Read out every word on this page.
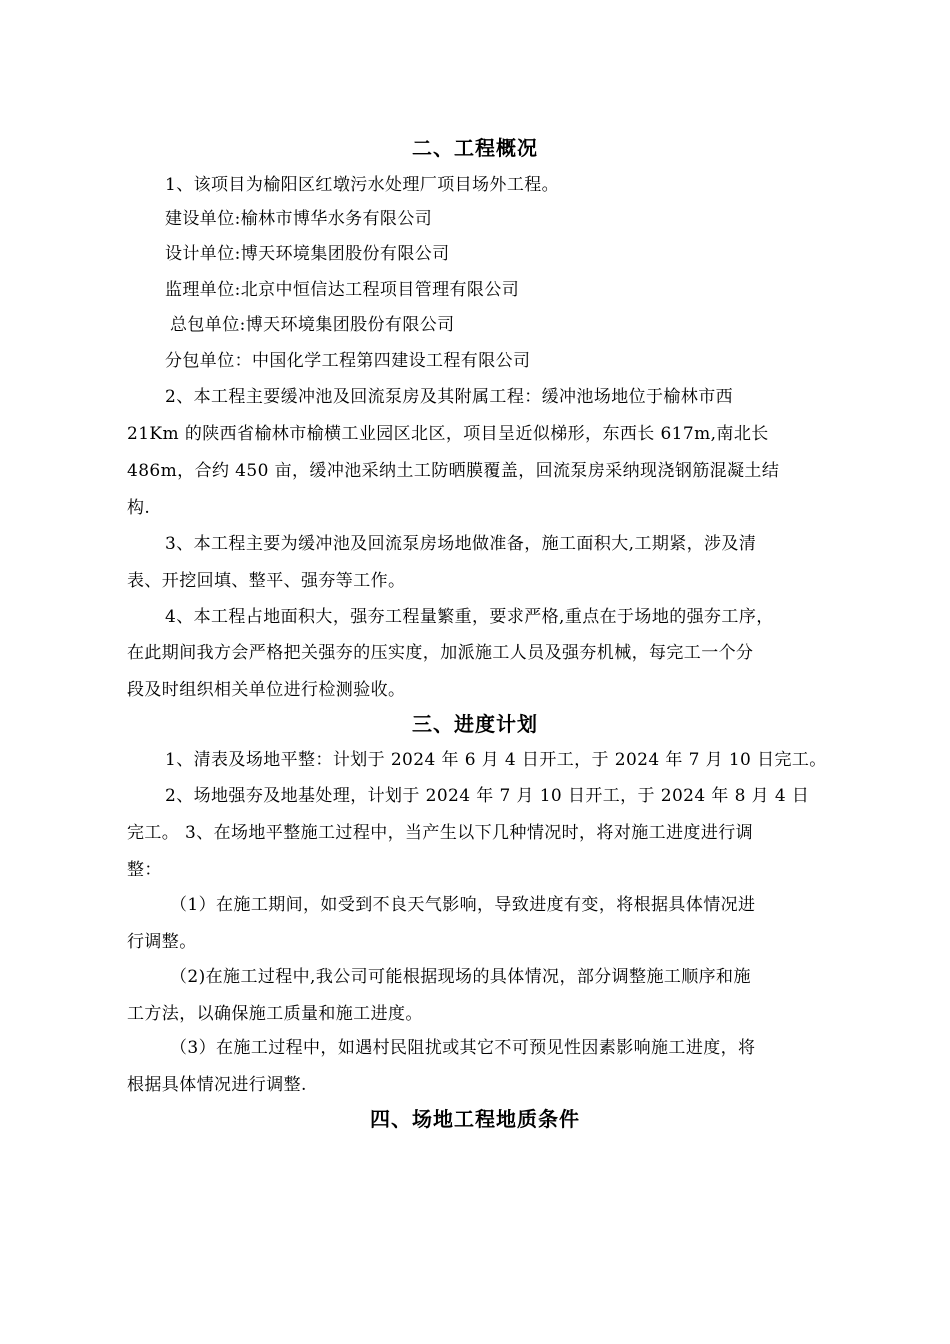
二、工程概况
1、该项目为榆阳区红墩污水处理厂项目场外工程。
建设单位:榆林市博华水务有限公司
设计单位:博天环境集团股份有限公司
监理单位:北京中恒信达工程项目管理有限公司
总包单位:博天环境集团股份有限公司
分包单位：中国化学工程第四建设工程有限公司
2、本工程主要缓冲池及回流泵房及其附属工程：缓冲池场地位于榆林市西
21Km 的陕西省榆林市榆横工业园区北区，项目呈近似梯形，东西长 617m,南北长
486m，合约 450 亩，缓冲池采纳土工防晒膜覆盖，回流泵房采纳现浇钢筋混凝土结
构.
3、本工程主要为缓冲池及回流泵房场地做准备，施工面积大,工期紧，涉及清
表、开挖回填、整平、强夯等工作。
4、本工程占地面积大，强夯工程量繁重，要求严格,重点在于场地的强夯工序，
在此期间我方会严格把关强夯的压实度，加派施工人员及强夯机械，每完工一个分
段及时组织相关单位进行检测验收。
三、进度计划
1、清表及场地平整：计划于 2024 年 6 月 4 日开工，于 2024 年 7 月 10 日完工。
2、场地强夯及地基处理，计划于 2024 年 7 月 10 日开工，于 2024 年 8 月 4 日
完工。 3、在场地平整施工过程中，当产生以下几种情况时，将对施工进度进行调
整：
（1）在施工期间，如受到不良天气影响，导致进度有变，将根据具体情况进
行调整。
（2)在施工过程中,我公司可能根据现场的具体情况，部分调整施工顺序和施
工方法，以确保施工质量和施工进度。
（3）在施工过程中，如遇村民阻扰或其它不可预见性因素影响施工进度，将
根据具体情况进行调整.
四、场地工程地质条件
